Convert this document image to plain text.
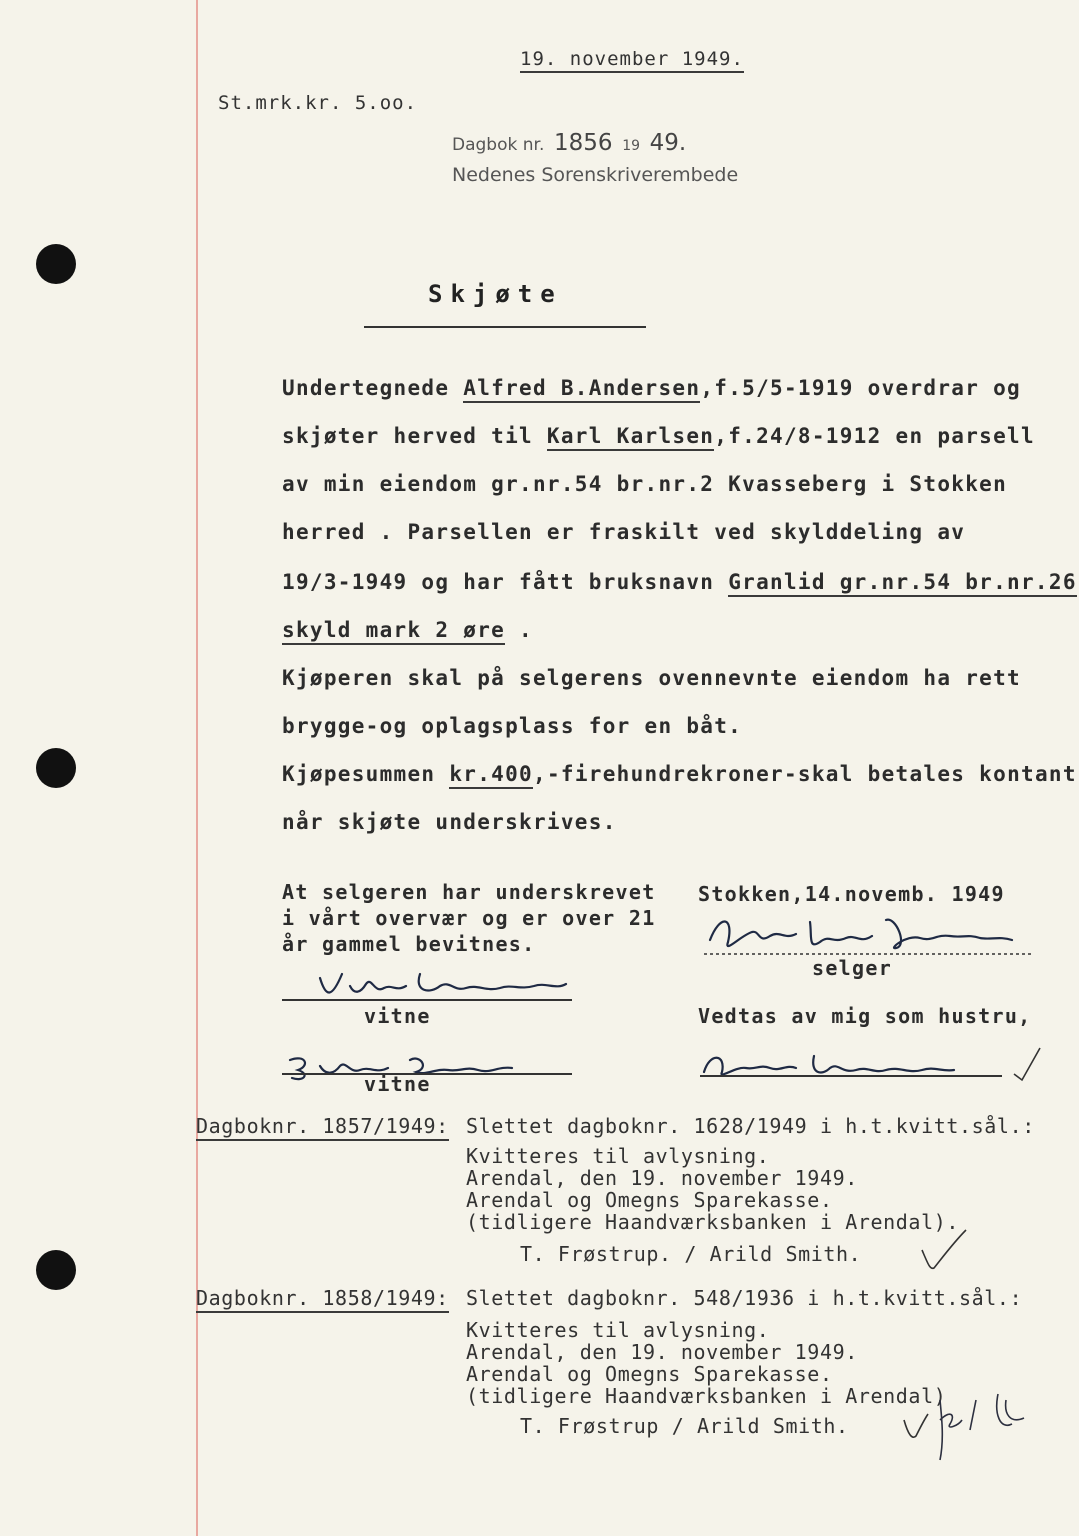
19. november 1949.
St.mrk.kr. 5.oo.
Dagbok nr. 1856 19 49.
Nedenes Sorenskriverembede
Skjøte
Undertegnede Alfred B.Andersen,f.5/5-1919 overdrar og
skjøter herved til Karl Karlsen,f.24/8-1912 en parsell
av min eiendom gr.nr.54 br.nr.2 Kvasseberg i Stokken
herred . Parsellen er fraskilt ved skylddeling av
19/3-1949 og har fått bruksnavn Granlid gr.nr.54 br.nr.26
skyld mark 2 øre .
Kjøperen skal på selgerens ovennevnte eiendom ha rett
brygge-og oplagsplass for en båt.
Kjøpesummen kr.400,-firehundrekroner-skal betales kontant
når skjøte underskrives.
At selgeren har underskrevet
i vårt overvær og er over 21
år gammel bevitnes.
Stokken,14.novemb. 1949
selger
Vedtas av mig som hustru,
vitne
vitne
Dagboknr. 1857/1949: Slettet dagboknr. 1628/1949 i h.t.kvitt.sål.:
Kvitteres til avlysning.
Arendal, den 19. november 1949.
Arendal og Omegns Sparekasse.
(tidligere Haandværksbanken i Arendal).
T. Frøstrup. / Arild Smith.
Dagboknr. 1858/1949: Slettet dagboknr. 548/1936 i h.t.kvitt.sål.:
Kvitteres til avlysning.
Arendal, den 19. november 1949.
Arendal og Omegns Sparekasse.
(tidligere Haandværksbanken i Arendal)
T. Frøstrup / Arild Smith.
